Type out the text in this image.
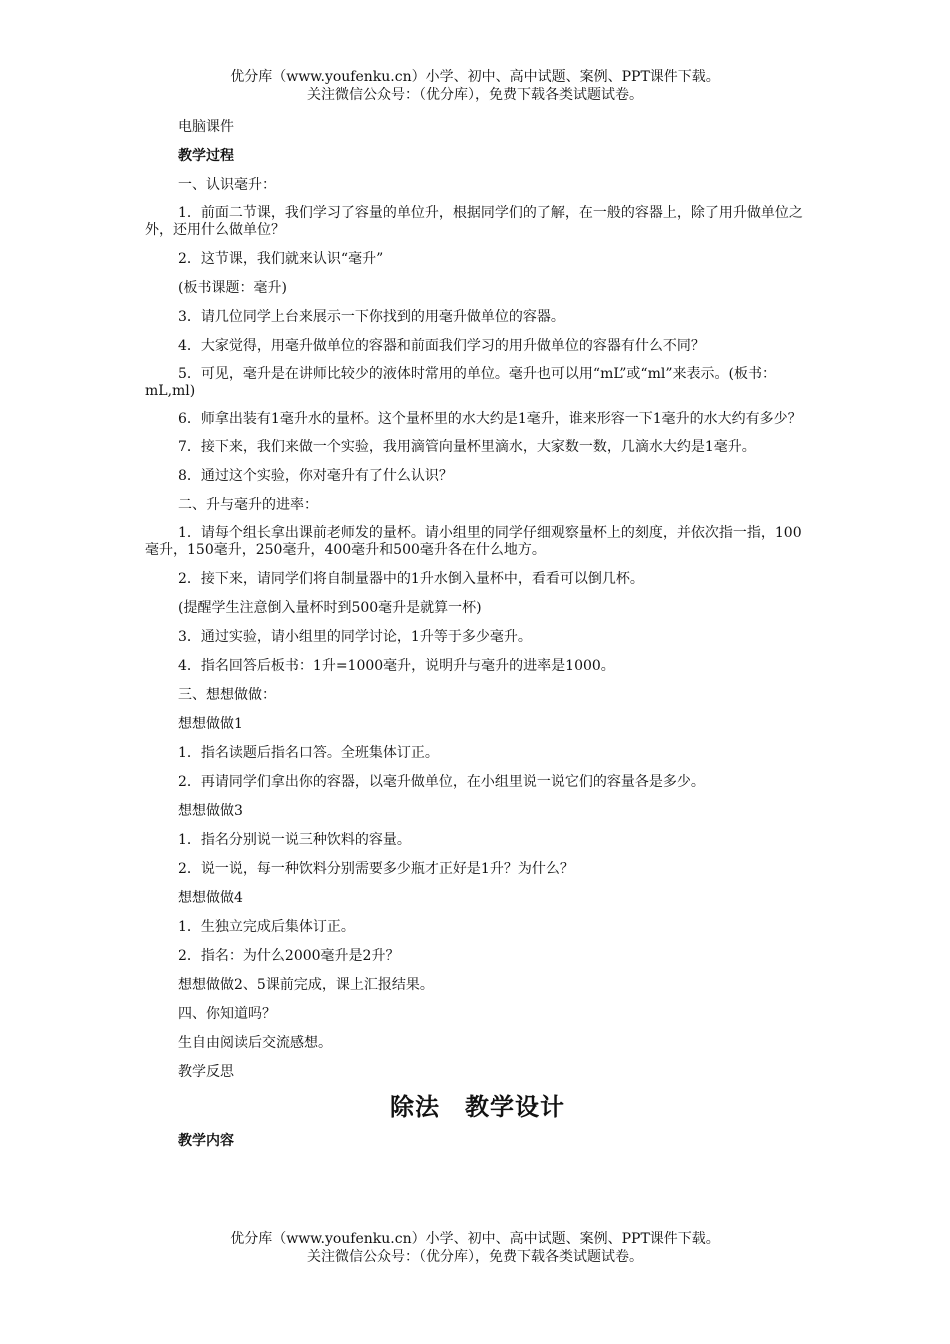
优分库（www.youfenku.cn）小学、初中、高中试题、案例、PPT课件下载。
关注微信公众号：（优分库），免费下载各类试题试卷。

电脑课件

教学过程

一、认识毫升：

1．前面二节课，我们学习了容量的单位升，根据同学们的了解，在一般的容器上，除了用升做单位之外，还用什么做单位？

2．这节课，我们就来认识“毫升”

(板书课题：毫升)

3．请几位同学上台来展示一下你找到的用毫升做单位的容器。

4．大家觉得，用毫升做单位的容器和前面我们学习的用升做单位的容器有什么不同？

5．可见，毫升是在讲师比较少的液体时常用的单位。毫升也可以用“mL”或“ml”来表示。(板书：mL,ml)

6．师拿出装有1毫升水的量杯。这个量杯里的水大约是1毫升，谁来形容一下1毫升的水大约有多少？

7．接下来，我们来做一个实验，我用滴管向量杯里滴水，大家数一数，几滴水大约是1毫升。

8．通过这个实验，你对毫升有了什么认识？

二、升与毫升的进率：

1．请每个组长拿出课前老师发的量杯。请小组里的同学仔细观察量杯上的刻度，并依次指一指，100毫升，150毫升，250毫升，400毫升和500毫升各在什么地方。

2．接下来，请同学们将自制量器中的1升水倒入量杯中，看看可以倒几杯。

(提醒学生注意倒入量杯时到500毫升是就算一杯)

3．通过实验，请小组里的同学讨论，1升等于多少毫升。

4．指名回答后板书：1升=1000毫升，说明升与毫升的进率是1000。

三、想想做做：

想想做做1

1．指名读题后指名口答。全班集体订正。

2．再请同学们拿出你的容器，以毫升做单位，在小组里说一说它们的容量各是多少。

想想做做3

1．指名分别说一说三种饮料的容量。

2．说一说，每一种饮料分别需要多少瓶才正好是1升？为什么？

想想做做4

1．生独立完成后集体订正。

2．指名：为什么2000毫升是2升？

想想做做2、5课前完成，课上汇报结果。

四、你知道吗？

生自由阅读后交流感想。

教学反思

除法　教学设计

教学内容

优分库（www.youfenku.cn）小学、初中、高中试题、案例、PPT课件下载。
关注微信公众号：（优分库），免费下载各类试题试卷。
